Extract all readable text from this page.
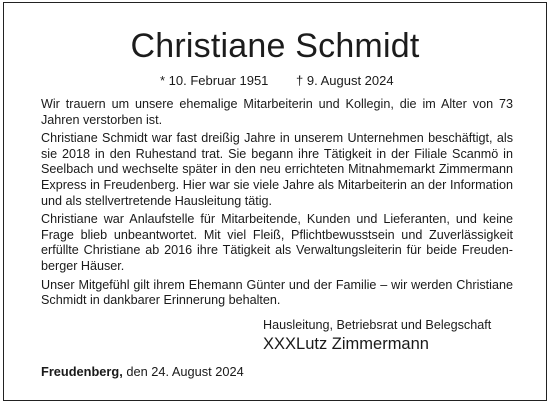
Christiane Schmidt
* 10. Februar 1951 † 9. August 2024

Wir trauern um unsere ehemalige Mitarbeiterin und Kollegin, die im Alter von 73 Jahren verstorben ist.

Christiane Schmidt war fast dreißig Jahre in unserem Unternehmen beschäftigt, als sie 2018 in den Ruhestand trat. Sie begann ihre Tätigkeit in der Filiale Scanmö in Seelbach und wechselte später in den neu errichteten Mitnahmemarkt Zimmermann Express in Freudenberg. Hier war sie viele Jahre als Mitarbeiterin an der Information und als stellvertretende Hausleitung tätig.

Christiane war Anlaufstelle für Mitarbeitende, Kunden und Lieferanten, und keine Frage blieb unbeantwortet. Mit viel Fleiß, Pflichtbewusstsein und Zuverlässigkeit erfüllte Christiane ab 2016 ihre Tätigkeit als Verwaltungsleiterin für beide Freudenberger Häuser.

Unser Mitgefühl gilt ihrem Ehemann Günter und der Familie – wir werden Christiane Schmidt in dankbarer Erinnerung behalten.

Hausleitung, Betriebsrat und Belegschaft
XXXLutz Zimmermann
Freudenberg, den 24. August 2024
